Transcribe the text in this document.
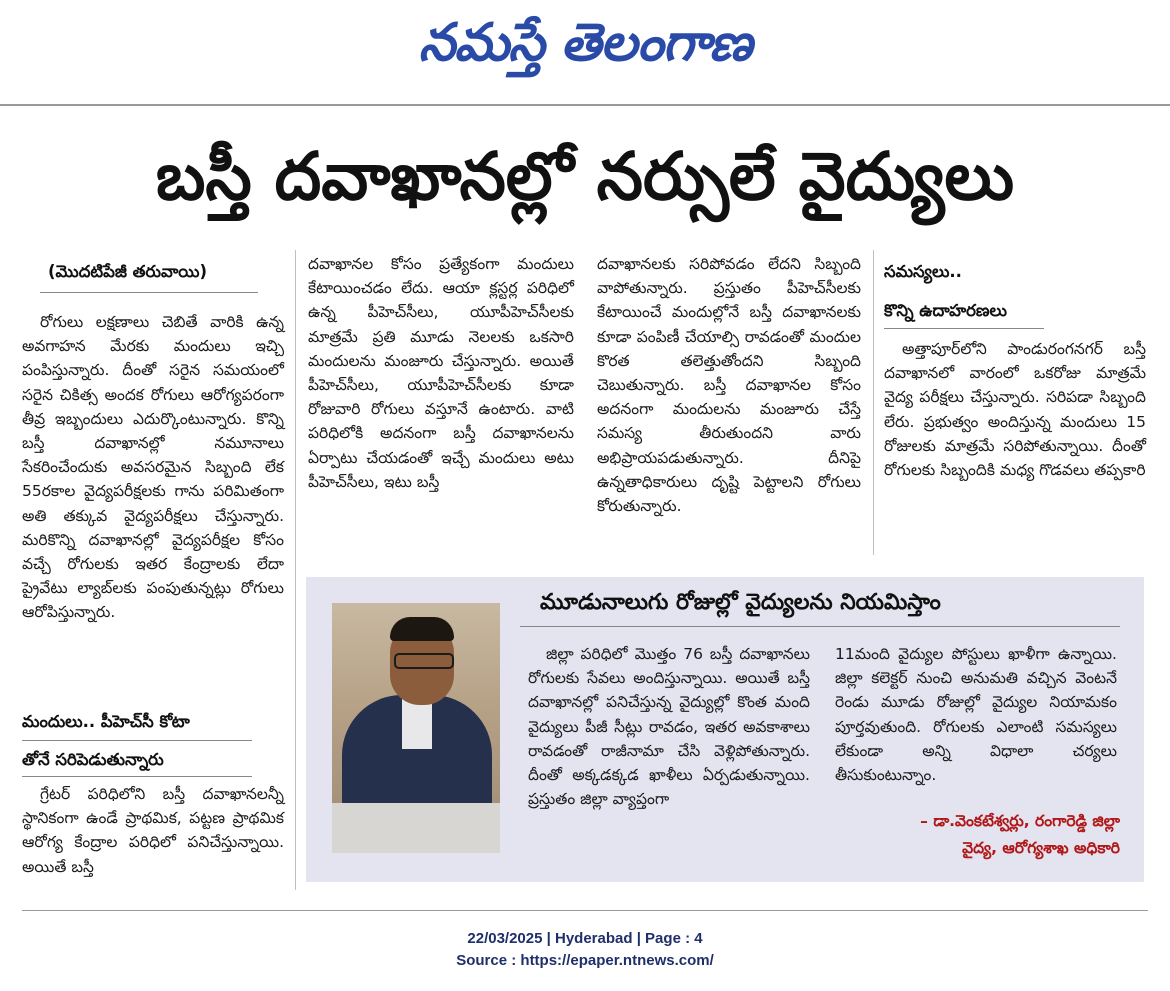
నమస్తే తెలంగాణ
బస్తీ దవాఖానల్లో నర్సులే వైద్యులు
(మొదటిపేజీ తరువాయి)

రోగులు లక్షణాలు చెబితే వారికి ఉన్న అవగాహన మేరకు మందులు ఇచ్చి పంపిస్తున్నారు. దీంతో సరైన సమయంలో సరైన చికిత్స అందక రోగులు ఆరోగ్యపరంగా తీవ్ర ఇబ్బందులు ఎదుర్కొంటున్నారు. కొన్ని బస్తీ దవాఖానల్లో నమూనాలు సేకరించేందుకు అవసరమైన సిబ్బంది లేక 55రకాల వైద్యపరీక్షలకు గాను పరిమితంగా అతి తక్కువ వైద్యపరీక్షలు చేస్తున్నారు. మరికొన్ని దవాఖానల్లో వైద్యపరీక్షల కోసం వచ్చే రోగులకు ఇతర కేంద్రాలకు లేదా ప్రైవేటు ల్యాబ్‌లకు పంపుతున్నట్లు రోగులు ఆరోపిస్తున్నారు.

మందులు.. పీహెచ్‌సీ కోటా
తోనే సరిపెడుతున్నారు

గ్రేటర్ పరిధిలోని బస్తీ దవాఖానలన్నీ స్థానికంగా ఉండే ప్రాథమిక, పట్టణ ప్రాథమిక ఆరోగ్య కేంద్రాల పరిధిలో పనిచేస్తున్నాయి. అయితే బస్తీ

దవాఖానల కోసం ప్రత్యేకంగా మందులు కేటాయించడం లేదు. ఆయా క్లస్టర్ల పరిధిలో ఉన్న పీహెచ్‌సీలు, యూపీహెచ్‌సీలకు మాత్రమే ప్రతి మూడు నెలలకు ఒకసారి మందులను మంజూరు చేస్తున్నారు. అయితే పీహెచ్‌సీలు, యూపీహెచ్‌సీలకు కూడా రోజువారి రోగులు వస్తూనే ఉంటారు. వాటి పరిధిలోకి అదనంగా బస్తీ దవాఖానలను ఏర్పాటు చేయడంతో ఇచ్చే మందులు అటు పీహెచ్‌సీలు, ఇటు బస్తీ

దవాఖానలకు సరిపోవడం లేదని సిబ్బంది వాపోతున్నారు. ప్రస్తుతం పీహెచ్‌సీలకు కేటాయించే మందుల్లోనే బస్తీ దవాఖానలకు కూడా పంపిణీ చేయాల్సి రావడంతో మందుల కొరత తలెత్తుతోందని సిబ్బంది చెబుతున్నారు. బస్తీ దవాఖానల కోసం అదనంగా మందులను మంజూరు చేస్తే సమస్య తీరుతుందని వారు అభిప్రాయపడుతున్నారు. దీనిపై ఉన్నతాధికారులు దృష్టి పెట్టాలని రోగులు కోరుతున్నారు.

సమస్యలు..
కొన్ని ఉదాహరణలు

అత్తాపూర్‌లోని పాండురంగనగర్ బస్తీ దవాఖానలో వారంలో ఒకరోజు మాత్రమే వైద్య పరీక్షలు చేస్తున్నారు. సరిపడా సిబ్బంది లేరు. ప్రభుత్వం అందిస్తున్న మందులు 15 రోజులకు మాత్రమే సరిపోతున్నాయి. దీంతో రోగులకు సిబ్బందికి మధ్య గొడవలు తప్పకారి

మూడునాలుగు రోజుల్లో వైద్యులను నియమిస్తాం

జిల్లా పరిధిలో మొత్తం 76 బస్తీ దవాఖానలు రోగులకు సేవలు అందిస్తున్నాయి. అయితే బస్తీ దవాఖానల్లో పనిచేస్తున్న వైద్యుల్లో కొంత మంది వైద్యులు పీజీ సీట్లు రావడం, ఇతర అవకాశాలు రావడంతో రాజీనామా చేసి వెళ్లిపోతున్నారు. దీంతో అక్కడక్కడ ఖాళీలు ఏర్పడుతున్నాయి. ప్రస్తుతం జిల్లా వ్యాప్తంగా

11మంది వైద్యుల పోస్టులు ఖాళీగా ఉన్నాయి. జిల్లా కలెక్టర్ నుంచి అనుమతి వచ్చిన వెంటనే రెండు మూడు రోజుల్లో వైద్యుల నియామకం పూర్తవుతుంది. రోగులకు ఎలాంటి సమస్యలు లేకుండా అన్ని విధాలా చర్యలు తీసుకుంటున్నాం.

– డా.వెంకటేశ్వర్లు, రంగారెడ్డి జిల్లా
వైద్య, ఆరోగ్యశాఖ అధికారి
22/03/2025 | Hyderabad | Page : 4
Source : https://epaper.ntnews.com/
